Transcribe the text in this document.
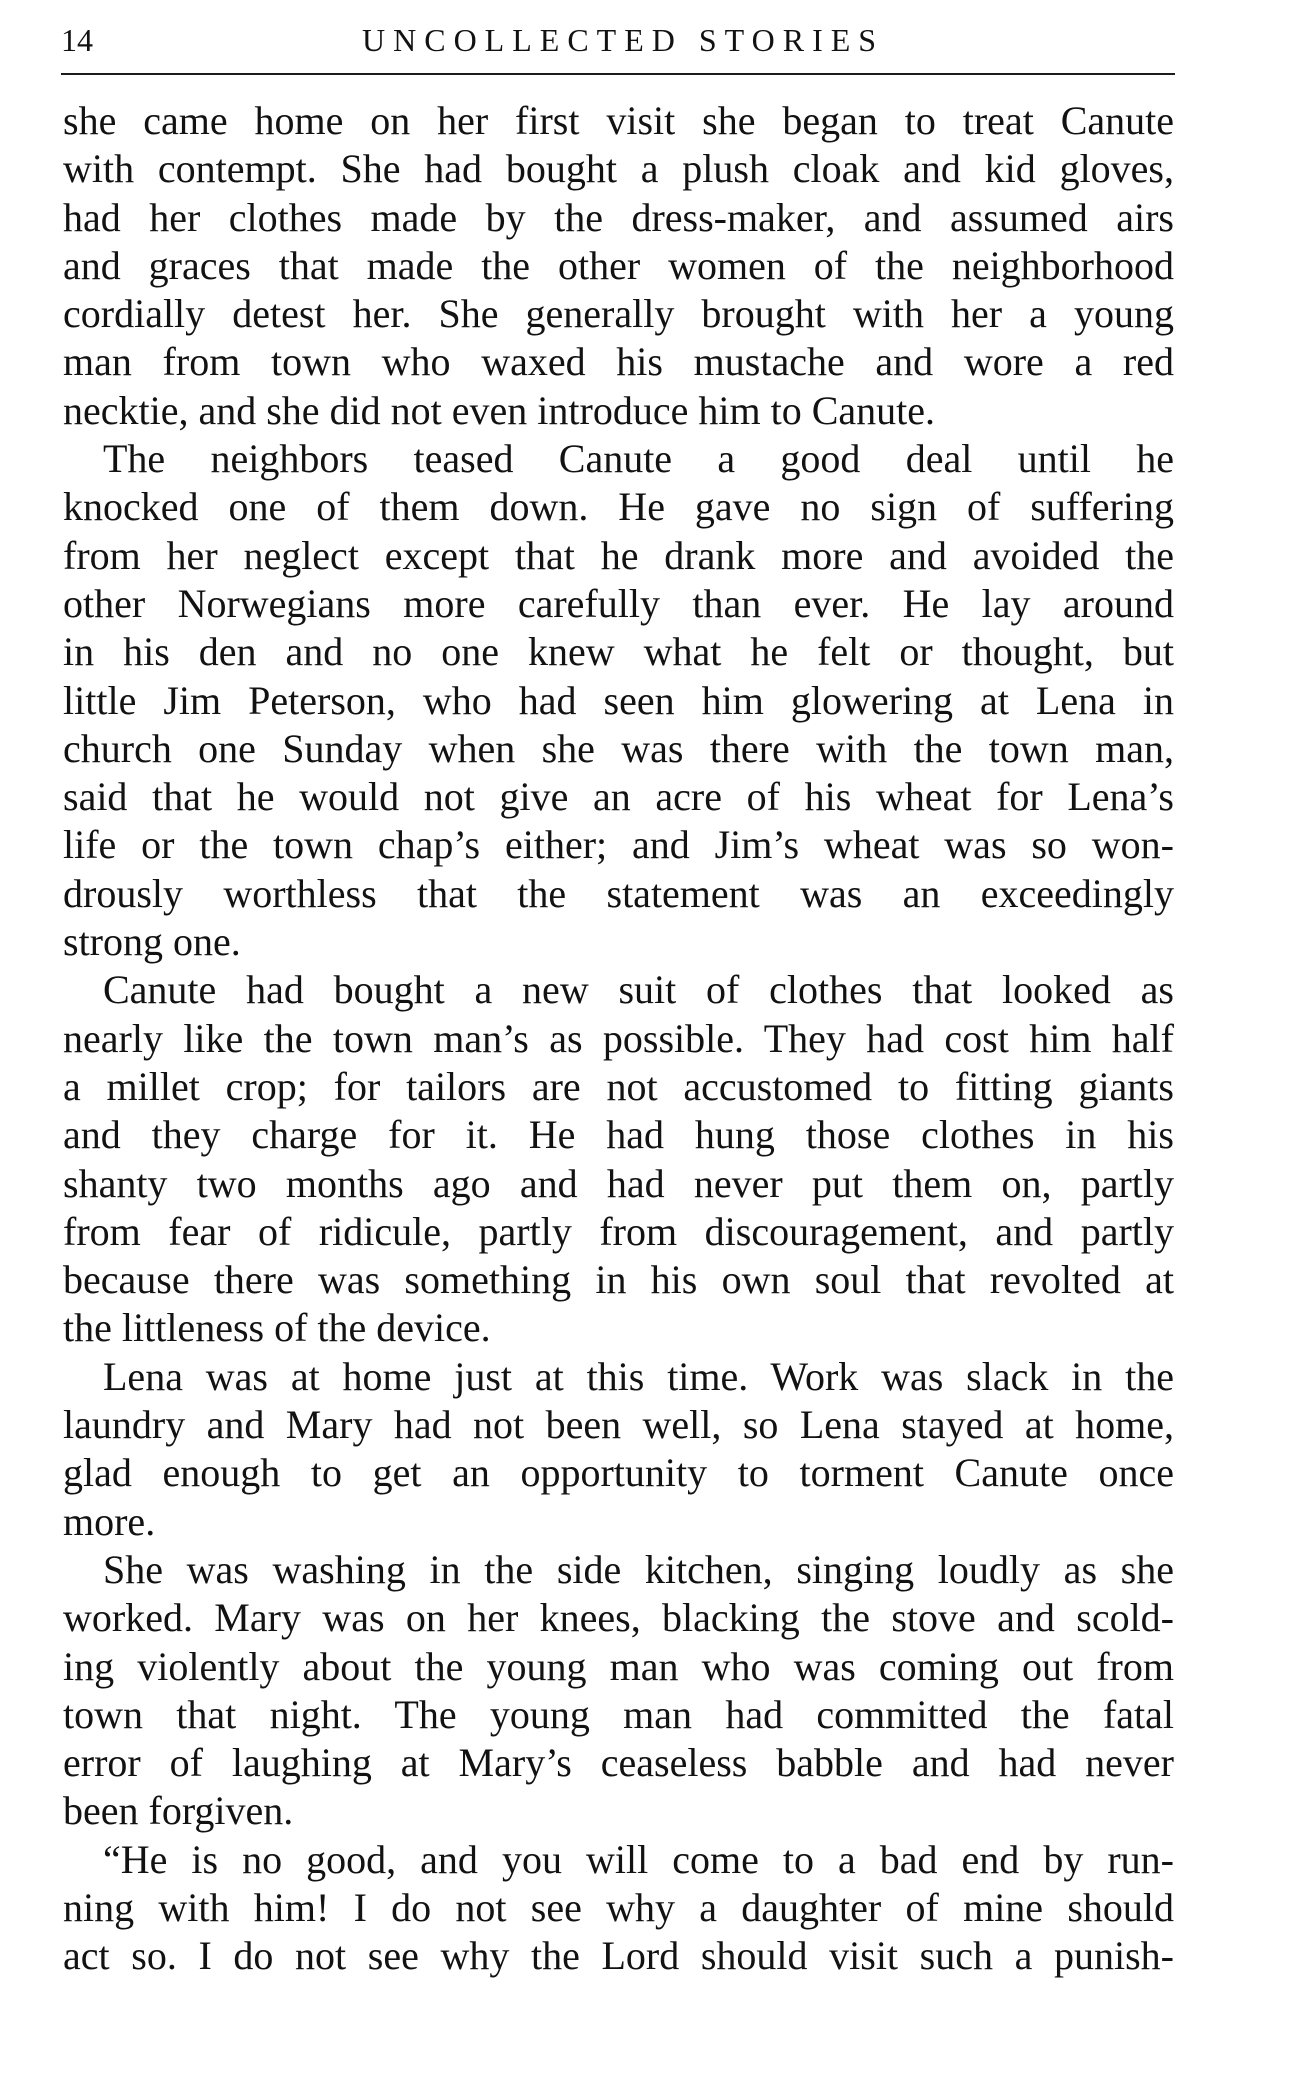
14	UNCOLLECTED STORIES
she came home on her first visit she began to treat Canute
with contempt. She had bought a plush cloak and kid gloves,
had her clothes made by the dress-maker, and assumed airs
and graces that made the other women of the neighborhood
cordially detest her. She generally brought with her a young
man from town who waxed his mustache and wore a red
necktie, and she did not even introduce him to Canute.
The neighbors teased Canute a good deal until he
knocked one of them down. He gave no sign of suffering
from her neglect except that he drank more and avoided the
other Norwegians more carefully than ever. He lay around
in his den and no one knew what he felt or thought, but
little Jim Peterson, who had seen him glowering at Lena in
church one Sunday when she was there with the town man,
said that he would not give an acre of his wheat for Lena’s
life or the town chap’s either; and Jim’s wheat was so won-
drously worthless that the statement was an exceedingly
strong one.
Canute had bought a new suit of clothes that looked as
nearly like the town man’s as possible. They had cost him half
a millet crop; for tailors are not accustomed to fitting giants
and they charge for it. He had hung those clothes in his
shanty two months ago and had never put them on, partly
from fear of ridicule, partly from discouragement, and partly
because there was something in his own soul that revolted at
the littleness of the device.
Lena was at home just at this time. Work was slack in the
laundry and Mary had not been well, so Lena stayed at home,
glad enough to get an opportunity to torment Canute once
more.
She was washing in the side kitchen, singing loudly as she
worked. Mary was on her knees, blacking the stove and scold-
ing violently about the young man who was coming out from
town that night. The young man had committed the fatal
error of laughing at Mary’s ceaseless babble and had never
been forgiven.
“He is no good, and you will come to a bad end by run-
ning with him! I do not see why a daughter of mine should
act so. I do not see why the Lord should visit such a punish-
